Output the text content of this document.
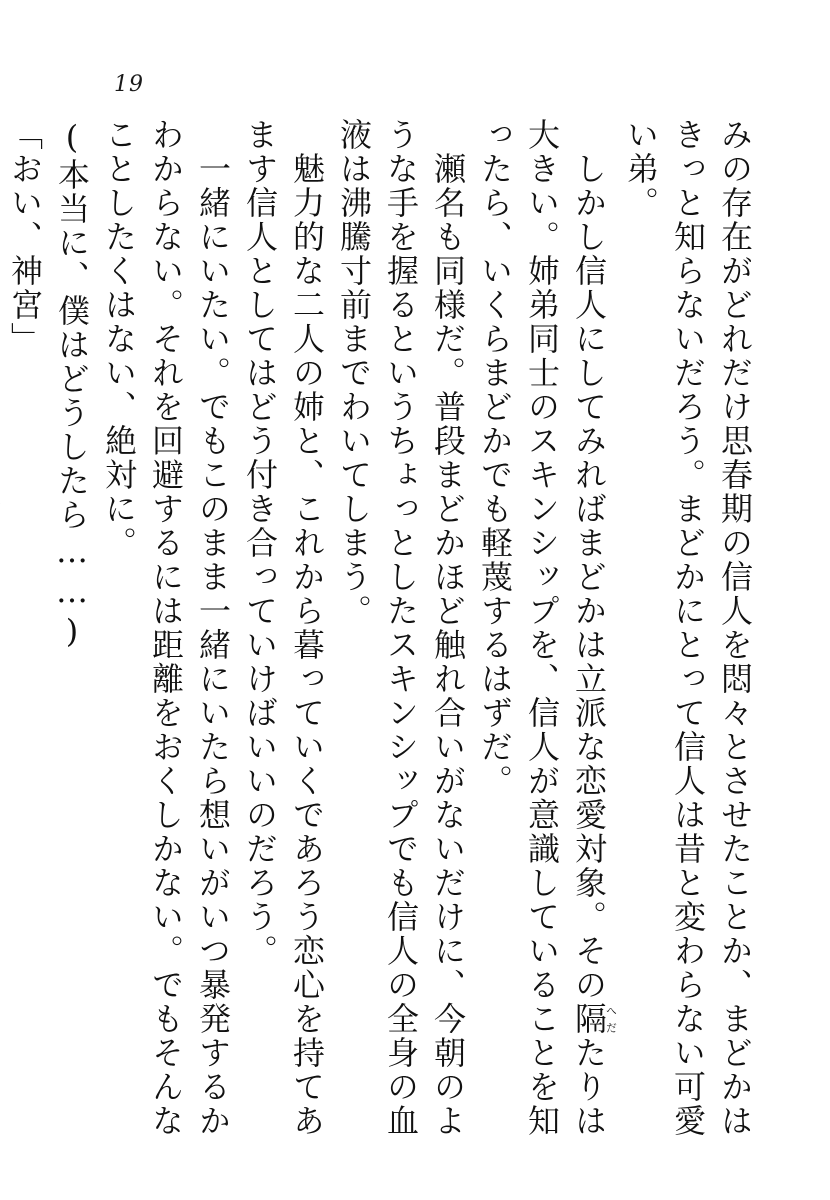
19

みの存在がどれだけ思春期の信人を悶々とさせたことか、まどかはきっと知らないだろう。まどかにとって信人は昔と変わらない可愛い弟。

　しかし信人にしてみればまどかは立派な恋愛対象。その隔へだたりは大きい。姉弟同士のスキンシップを、信人が意識していることを知ったら、いくらまどかでも軽蔑するはずだ。

　瀬名も同様だ。普段まどかほど触れ合いがないだけに、今朝のような手を握るというちょっとしたスキンシップでも信人の全身の血液は沸騰寸前までわいてしまう。

　魅力的な二人の姉と、これから暮っていくであろう恋心を持てあます信人としてはどう付き合っていけばいいのだろう。

　一緒にいたい。でもこのまま一緒にいたら想いがいつ暴発するかわからない。それを回避するには距離をおくしかない。でもそんなことしたくはない、絶対に。

(本当に、僕はどうしたら……)

「おい、神宮」
